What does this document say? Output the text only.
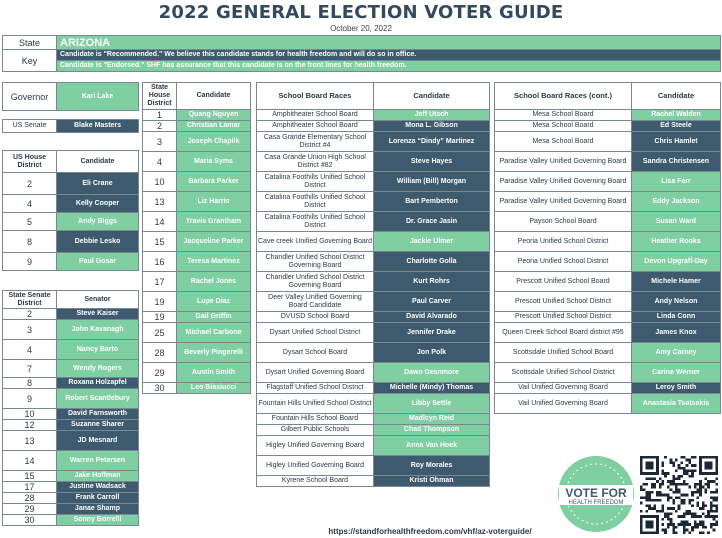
2022 GENERAL ELECTION VOTER GUIDE
October 20, 2022
State	ARIZONA
Key	Candidate is "Recommended." We believe this candidate stands for health freedom and will do so in office.
	Candidate is "Endorsed." SHF has assurance that this candidate is on the front lines for health freedom.
Governor	Kari Lake
US Senate	Blake Masters
US House District	Candidate
2	Eli Crane
4	Kelly Cooper
5	Andy Biggs
8	Debbie Lesko
9	Paul Gosar
State Senate District	Senator
2	Steve Kaiser
3	John Kavanagh
4	Nancy Barto
7	Wendy Rogers
8	Roxana Holzapfel
9	Robert Scantlebury
10	David Farnsworth
12	Suzanne Sharer
13	JD Mesnard
14	Warren Petersen
15	Jake Hoffman
17	Justine Wadsack
28	Frank Carroll
29	Janae Shamp
30	Sonny Borrelli
State House District	Candidate
1	Quang Nguyen
2	Christian Lamar
3	Joseph Chaplik
4	Maria Syms
10	Barbara Parker
13	Liz Harris
14	Travis Grantham
15	Jacqueline Parker
16	Teresa Martinez
17	Rachel Jones
19	Lupe Diaz
19	Gail Griffin
25	Michael Carbone
28	Beverly Pingerelli
29	Austin Smith
30	Leo Biasiucci
School Board Races	Candidate
Amphitheater School Board	Jeff Utsch
Amphitheater School Board	Mona L. Gibson
Casa Grande Elementary School District #4	Lorenza “Dindy” Martinez
Casa Grande Union High School District #82	Steve Hayes
Catalina Foothills Unified School District	William (Bill) Morgan
Catalina Foothills Unified School District	Bart Pemberton
Catalina Foothills Unified School District	Dr. Grace Jasin
Cave creek Unified Governing Board	Jackie Ulmer
Chandler Unified School District Governing Board	Charlotte Golla
Chandler Unified School District Governing Board	Kurt Rohrs
Deer Valley Unified Governing Board Candidate	Paul Carver
DVUSD School Board	David Alvarado
Dysart Unified School District	Jennifer Drake
Dysart School Board	Jon Polk
Dysart Unified Governing Board	Dawn Desnmore
Flagstaff Unified School District	Michelle (Mindy) Thomas
Fountain Hills Unified School District	Libby Settle
Fountain Hills School Board	Madlcyn Reid
Gilbert Public Schools	Chad Thompson
Higley Unified Governing Board	Anna Van Hoek
Higley Unified Governing Board	Roy Morales
Kyrene School Board	Kristi Ohman
School Board Races (cont.)	Candidate
Mesa School Board	Rachel Walden
Mesa School Board	Ed Steele
Mesa School Board	Chris Hamlet
Paradise Valley Unified Governing Board	Sandra Christensen
Paradise Valley Unified Governing Board	Lisa Farr
Paradise Valley Unified Governing Board	Eddy Jackson
Payson School Board	Susan Ward
Peoria Unified School District	Heather Rooks
Peoria Unified School District	Devon Upgraff-Day
Prescott Unified School Board	Michele Hamer
Prescott Unified School District	Andy Nelson
Prescott Unified School District	Linda Conn
Queen Creek School Board district #95	James Knox
Scottsdale Unified School Board	Amy Carney
Scottsdale Unified School District	Carine Werner
Vail Unified Governing Board	Leroy Smith
Vail Unified Governing Board	Anastasia Tsatsakis
VOTE FOR
HEALTH FREEDOM
https://standforhealthfreedom.com/vhf/az-voterguide/
